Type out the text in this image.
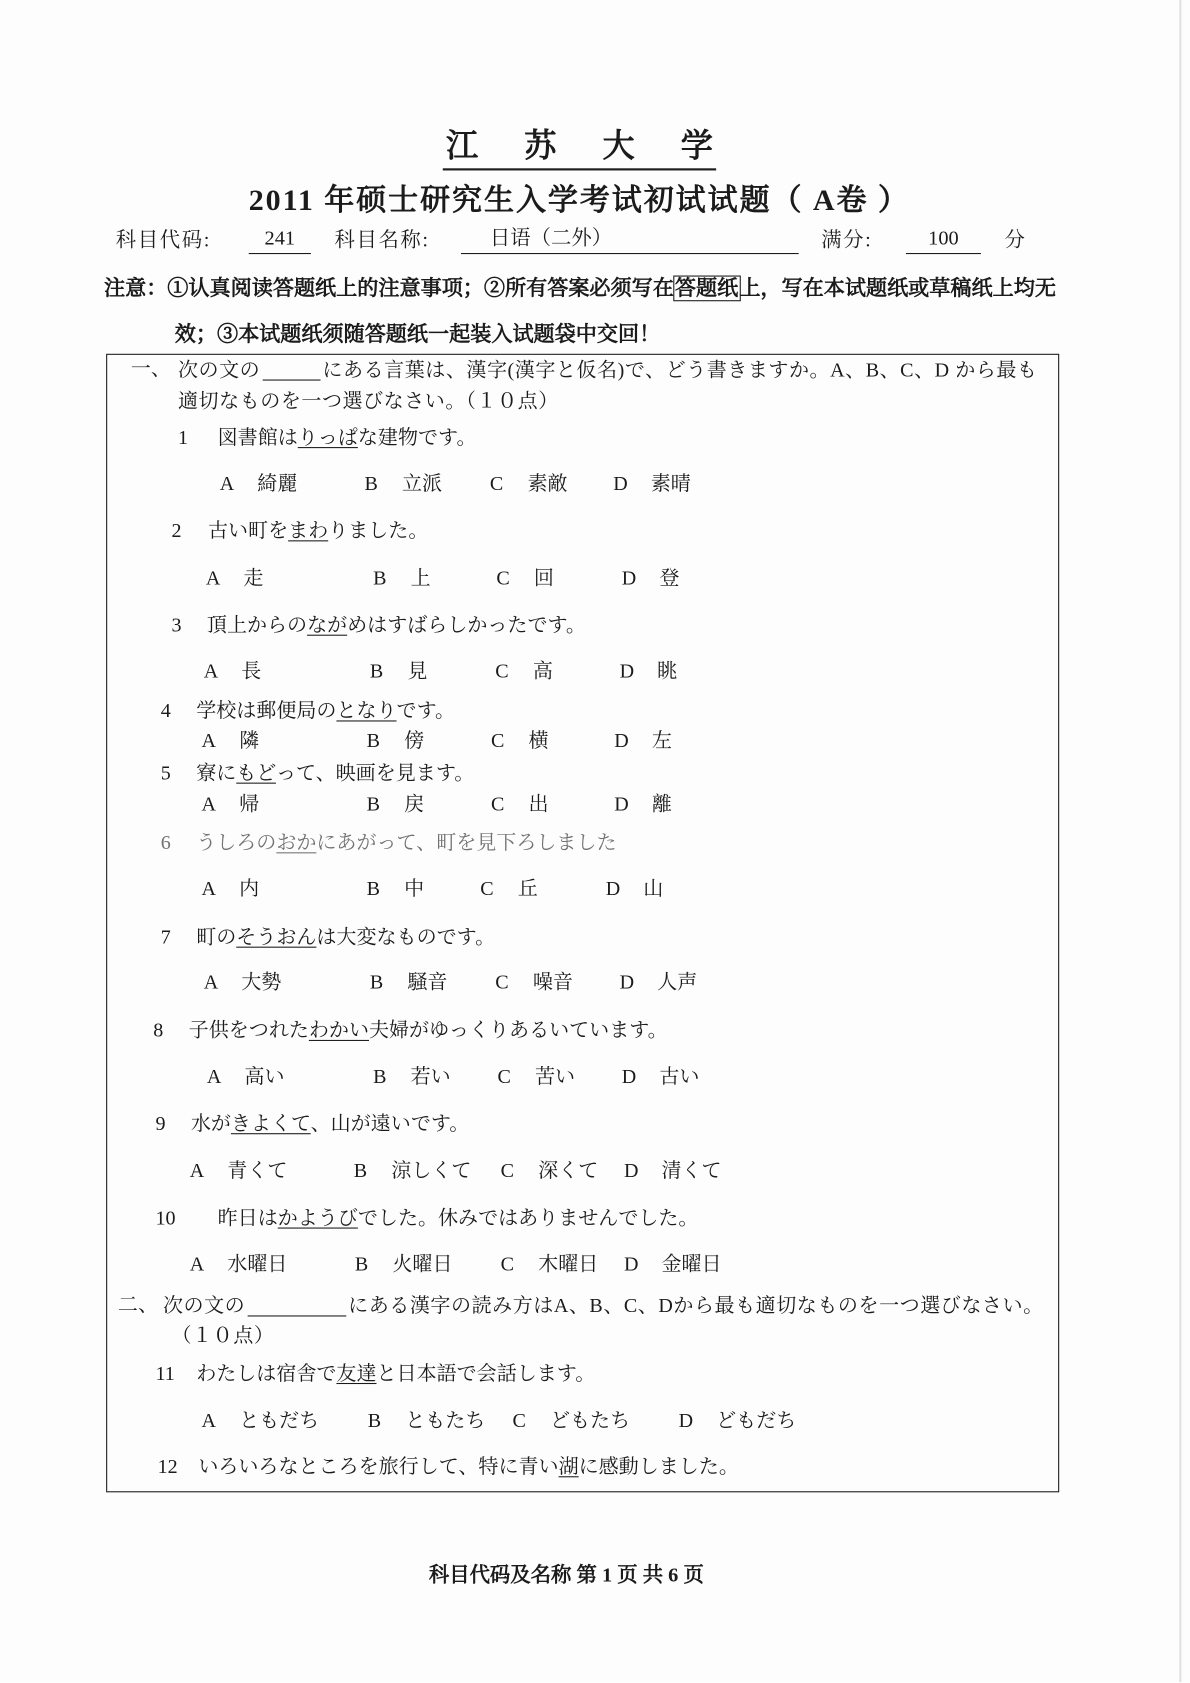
江苏大学
2011 年硕士研究生入学考试初试试题（ A卷 ）
科目代码:	241	科目名称:	日语（二外）	满分:	100	分
注意：①认真阅读答题纸上的注意事项；②所有答案必须写在答题纸上，写在本试题纸或草稿纸上均无
效；③本试题纸须随答题纸一起装入试题袋中交回！
一、 次の文の	にある言葉は、漢字(漢字と仮名)で、どう書きますか。A、B、C、D から最も
適切なものを一つ選びなさい。（１０点）
1 図書館はりっぱな建物です。
A 綺麗	B 立派	C 素敵 D 素晴
2 古い町をまわりました。
A 走	B 上	C 回	D 登
3 頂上からのながめはすばらしかったです。
A 長	B 見	C 高	D 眺
4 学校は郵便局のとなりです。
A 隣	B 傍	C 横	D 左
5 寮にもどって、映画を見ます。
A 帰	B 戻	C 出	D 離
6 うしろのおかにあがって、町を見下ろしました
A 内	B 中	C 丘	D 山
7 町のそうおんは大変なものです。
A 大勢	B 騒音	C 噪音	D 人声
8 子供をつれたわかい夫婦がゆっくりあるいています。
A 高い	B 若い	C 苦い	D 古い
9 水がきよくて、山が遠いです。
A 青くて	B 涼しくて C 深くて D 清くて
10 昨日はかようびでした。休みではありませんでした。
A 水曜日	B 火曜日	C 木曜日 D 金曜日
二、 次の文の	にある漢字の読み方はA、B、C、Dから最も適切なものを一つ選びなさい。
（１０点）
11 わたしは宿舎で友達と日本語で会話します。
A ともだち	B ともたち C どもたち	D どもだち
12 いろいろなところを旅行して、特に青い湖に感動しました。
科目代码及名称 第 1 页 共 6 页
